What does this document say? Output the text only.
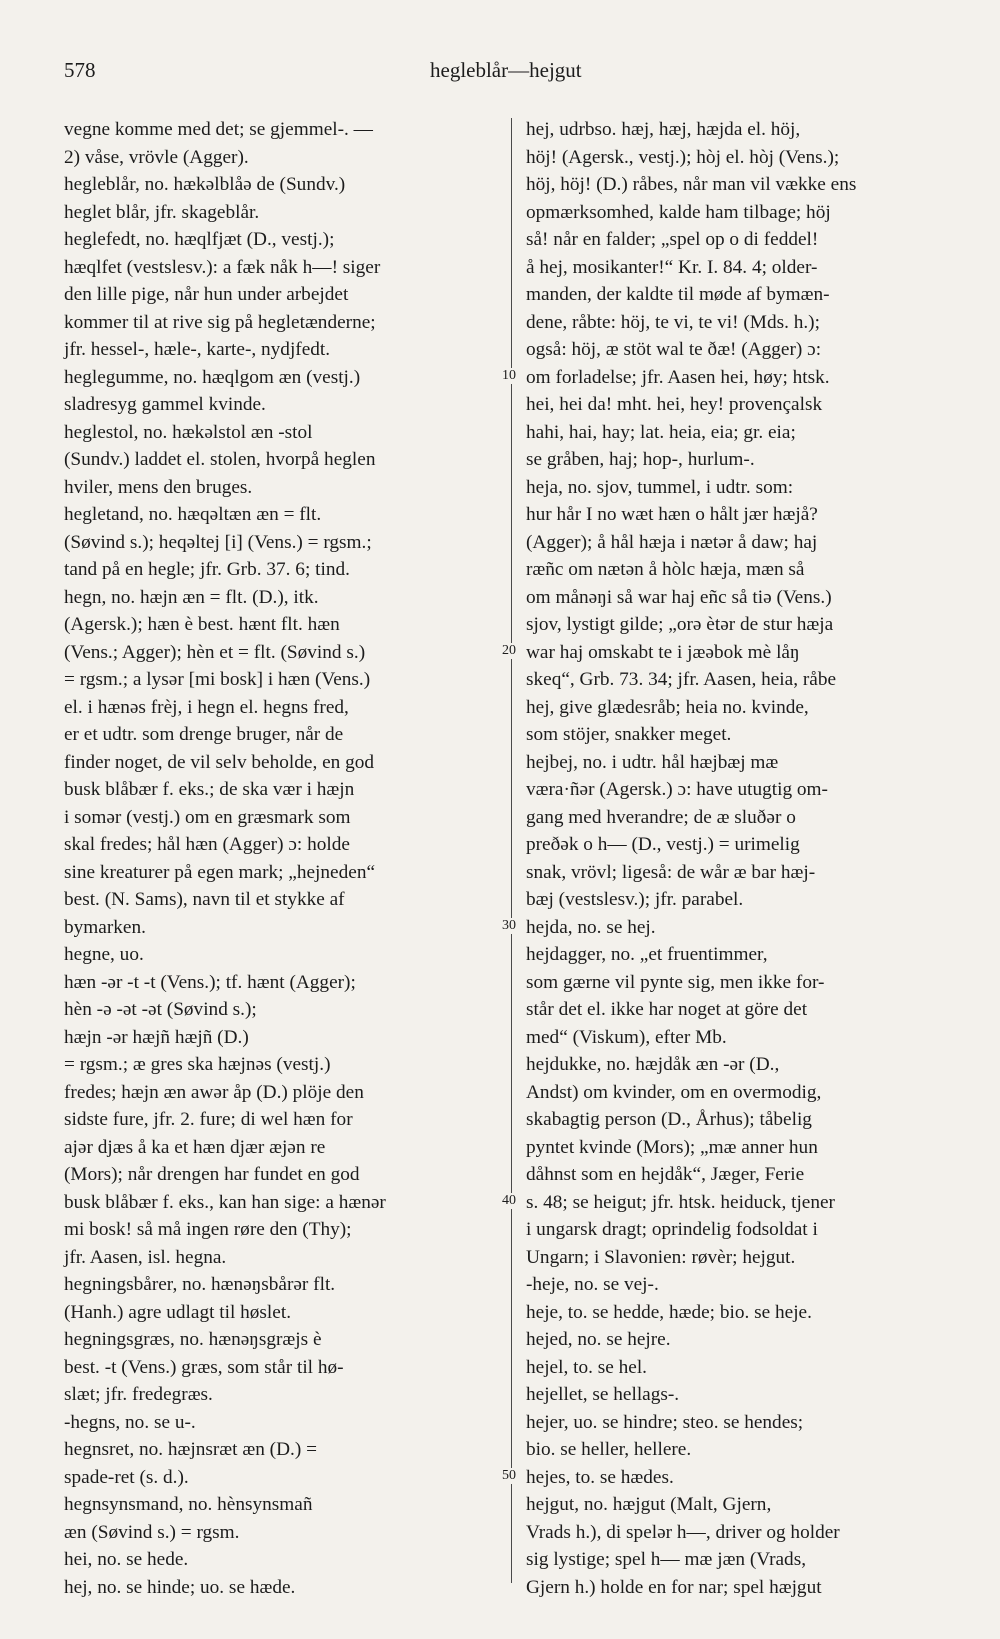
578	hegleblår—hejgut
vegne komme med det; se gjemmel-. —
2) våse, vrövle (Agger).
hegleblår, no. hækəlblåə de (Sundv.)
heglet blår, jfr. skageblår.
heglefedt, no. hæqlfjæt (D., vestj.);
hæqlfet (vestslesv.): a fæk nåk h—! siger
den lille pige, når hun under arbejdet
kommer til at rive sig på hegletænderne;
jfr. hessel-, hæle-, karte-, nydjfedt.
heglegumme, no. hæqlgom æn (vestj.)
sladresyg gammel kvinde.
heglestol, no. hækəlstol æn -stol
(Sundv.) laddet el. stolen, hvorpå heglen
hviler, mens den bruges.
hegletand, no. hæqəltæn æn = flt.
(Søvind s.); heqəltej [i] (Vens.) = rgsm.;
tand på en hegle; jfr. Grb. 37. 6; tind.
hegn, no. hæjn æn = flt. (D.), itk.
(Agersk.); hæn è best. hænt flt. hæn
(Vens.; Agger); hèn et = flt. (Søvind s.)
= rgsm.; a lysər [mi bosk] i hæn (Vens.)
el. i hænəs frèj, i hegn el. hegns fred,
er et udtr. som drenge bruger, når de
finder noget, de vil selv beholde, en god
busk blåbær f. eks.; de ska vær i hæjn
i somər (vestj.) om en græsmark som
skal fredes; hål hæn (Agger) ɔ: holde
sine kreaturer på egen mark; „hejneden“
best. (N. Sams), navn til et stykke af
bymarken.
hegne, uo.
hæn -ər -t -t (Vens.); tf. hænt (Agger);
hèn -ə -ət -ət (Søvind s.);
hæjn -ər hæjñ hæjñ (D.)
= rgsm.; æ gres ska hæjnəs (vestj.)
fredes; hæjn æn awər åp (D.) plöje den
sidste fure, jfr. 2. fure; di wel hæn for
ajər djæs å ka et hæn djær æjən re
(Mors); når drengen har fundet en god
busk blåbær f. eks., kan han sige: a hænər
mi bosk! så må ingen røre den (Thy);
jfr. Aasen, isl. hegna.
hegningsbårer, no. hænəŋsbårər flt.
(Hanh.) agre udlagt til høslet.
hegningsgræs, no. hænəŋsgræjs è
best. -t (Vens.) græs, som står til hø-
slæt; jfr. fredegræs.
-hegns, no. se u-.
hegnsret, no. hæjnsræt æn (D.) =
spade-ret (s. d.).
hegnsynsmand, no. hènsynsmañ
æn (Søvind s.) = rgsm.
hei, no. se hede.
hej, no. se hinde; uo. se hæde.
hej, udrbso. hæj, hæj, hæjda el. höj,
höj! (Agersk., vestj.); hòj el. hòj (Vens.);
höj, höj! (D.) råbes, når man vil vække ens
opmærksomhed, kalde ham tilbage; höj
så! når en falder; „spel op o di feddel!
å hej, mosikanter!“ Kr. I. 84. 4; older-
manden, der kaldte til møde af bymæn-
dene, råbte: höj, te vi, te vi! (Mds. h.);
også: höj, æ stöt wal te ðæ! (Agger) ɔ:
om forladelse; jfr. Aasen hei, høy; htsk.
hei, hei da! mht. hei, hey! provençalsk
hahi, hai, hay; lat. heia, eia; gr. eia;
se gråben, haj; hop-, hurlum-.
heja, no. sjov, tummel, i udtr. som:
hur hår I no wæt hæn o hålt jær hæjå?
(Agger); å hål hæja i nætər å daw; haj
ræñc om nætən å hòlc hæja, mæn så
om månəŋi så war haj eñc så tiə (Vens.)
sjov, lystigt gilde; „orə ètər de stur hæja
war haj omskabt te i jæəbok mè låŋ
skeq“, Grb. 73. 34; jfr. Aasen, heia, råbe
hej, give glædesråb; heia no. kvinde,
som stöjer, snakker meget.
hejbej, no. i udtr. hål hæjbæj mæ
væra·ñər (Agersk.) ɔ: have utugtig om-
gang med hverandre; de æ sluðər o
preðək o h— (D., vestj.) = urimelig
snak, vrövl; ligeså: de wår æ bar hæj-
bæj (vestslesv.); jfr. parabel.
hejda, no. se hej.
hejdagger, no. „et fruentimmer,
som gærne vil pynte sig, men ikke for-
står det el. ikke har noget at göre det
med“ (Viskum), efter Mb.
hejdukke, no. hæjdåk æn -ər (D.,
Andst) om kvinder, om en overmodig,
skabagtig person (D., Århus); tåbelig
pyntet kvinde (Mors); „mæ anner hun
dåhnst som en hejdåk“, Jæger, Ferie
s. 48; se heigut; jfr. htsk. heiduck, tjener
i ungarsk dragt; oprindelig fodsoldat i
Ungarn; i Slavonien: røvèr; hejgut.
-heje, no. se vej-.
heje, to. se hedde, hæde; bio. se heje.
hejed, no. se hejre.
hejel, to. se hel.
hejellet, se hellags-.
hejer, uo. se hindre; steo. se hendes;
bio. se heller, hellere.
hejes, to. se hædes.
hejgut, no. hæjgut (Malt, Gjern,
Vrads h.), di spelər h—, driver og holder
sig lystige; spel h— mæ jæn (Vrads,
Gjern h.) holde en for nar; spel hæjgut
10
20
30
40
50
